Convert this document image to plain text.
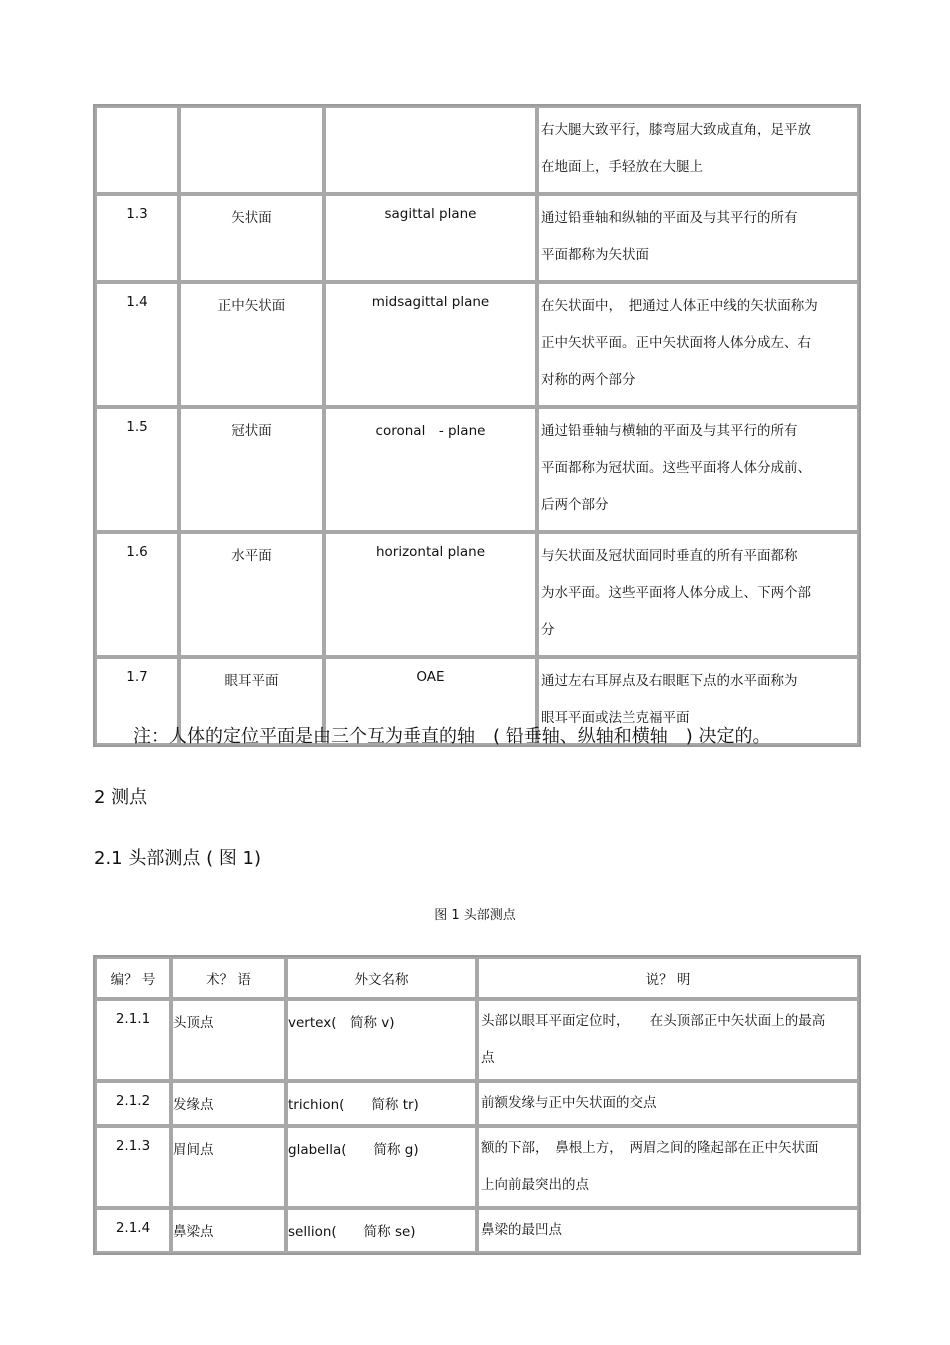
			右大腿大致平行，膝弯屈大致成直角，足平放
在地面上，手轻放在大腿上

1.3	矢状面	sagittal plane	通过铅垂轴和纵轴的平面及与其平行的所有
平面都称为矢状面

1.4	正中矢状面	midsagittal plane	在矢状面中，　把通过人体正中线的矢状面称为
正中矢状平面。正中矢状面将人体分成左、右
对称的两个部分

1.5	冠状面	coronal　- plane	通过铅垂轴与横轴的平面及与其平行的所有
平面都称为冠状面。这些平面将人体分成前、
后两个部分

1.6	水平面	horizontal plane	与矢状面及冠状面同时垂直的所有平面都称
为水平面。这些平面将人体分成上、下两个部
分

1.7	眼耳平面	OAE	通过左右耳屏点及右眼眶下点的水平面称为
眼耳平面或法兰克福平面
注：人体的定位平面是由三个互为垂直的轴　( 铅垂轴、纵轴和横轴　) 决定的。
2 测点
2.1 头部测点 ( 图 1)
图 1 头部测点
编？ 号	术？ 语	外文名称	说？ 明
2.1.1	头顶点	vertex(　简称 v)	头部以眼耳平面定位时，　　在头顶部正中矢状面上的最高
点

2.1.2	发缘点	trichion(　　简称 tr)	前额发缘与正中矢状面的交点

2.1.3	眉间点	glabella(　　简称 g)	额的下部，　鼻根上方，　两眉之间的隆起部在正中矢状面
上向前最突出的点

2.1.4	鼻梁点	sellion(　　简称 se)	鼻梁的最凹点
